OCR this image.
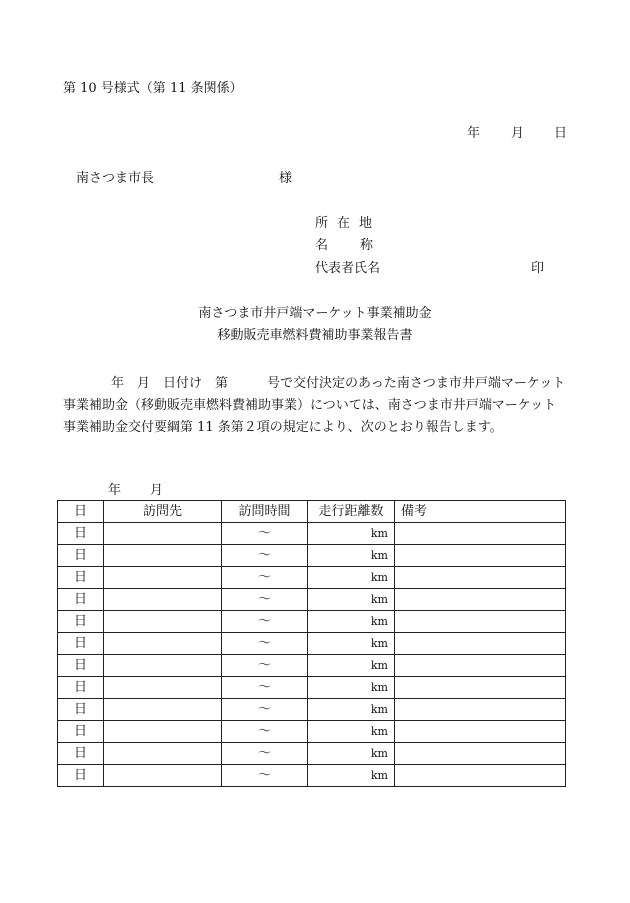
第 10 号様式（第 11 条関係）
年 月 日
南さつま市長	様
所在地
名称
代表者氏名	印
南さつま市井戸端マーケット事業補助金
移動販売車燃料費補助事業報告書
年　月　日付け　第　　　号で交付決定のあった南さつま市井戸端マーケット事業補助金（移動販売車燃料費補助事業）については、南さつま市井戸端マーケット事業補助金交付要綱第 11 条第２項の規定により、次のとおり報告します。
年 月
日	訪問先	訪問時間	走行距離数	備考
日		～	km	
日		～	km	
日		～	km	
日		～	km	
日		～	km	
日		～	km	
日		～	km	
日		～	km	
日		～	km	
日		～	km	
日		～	km	
日		～	km	
